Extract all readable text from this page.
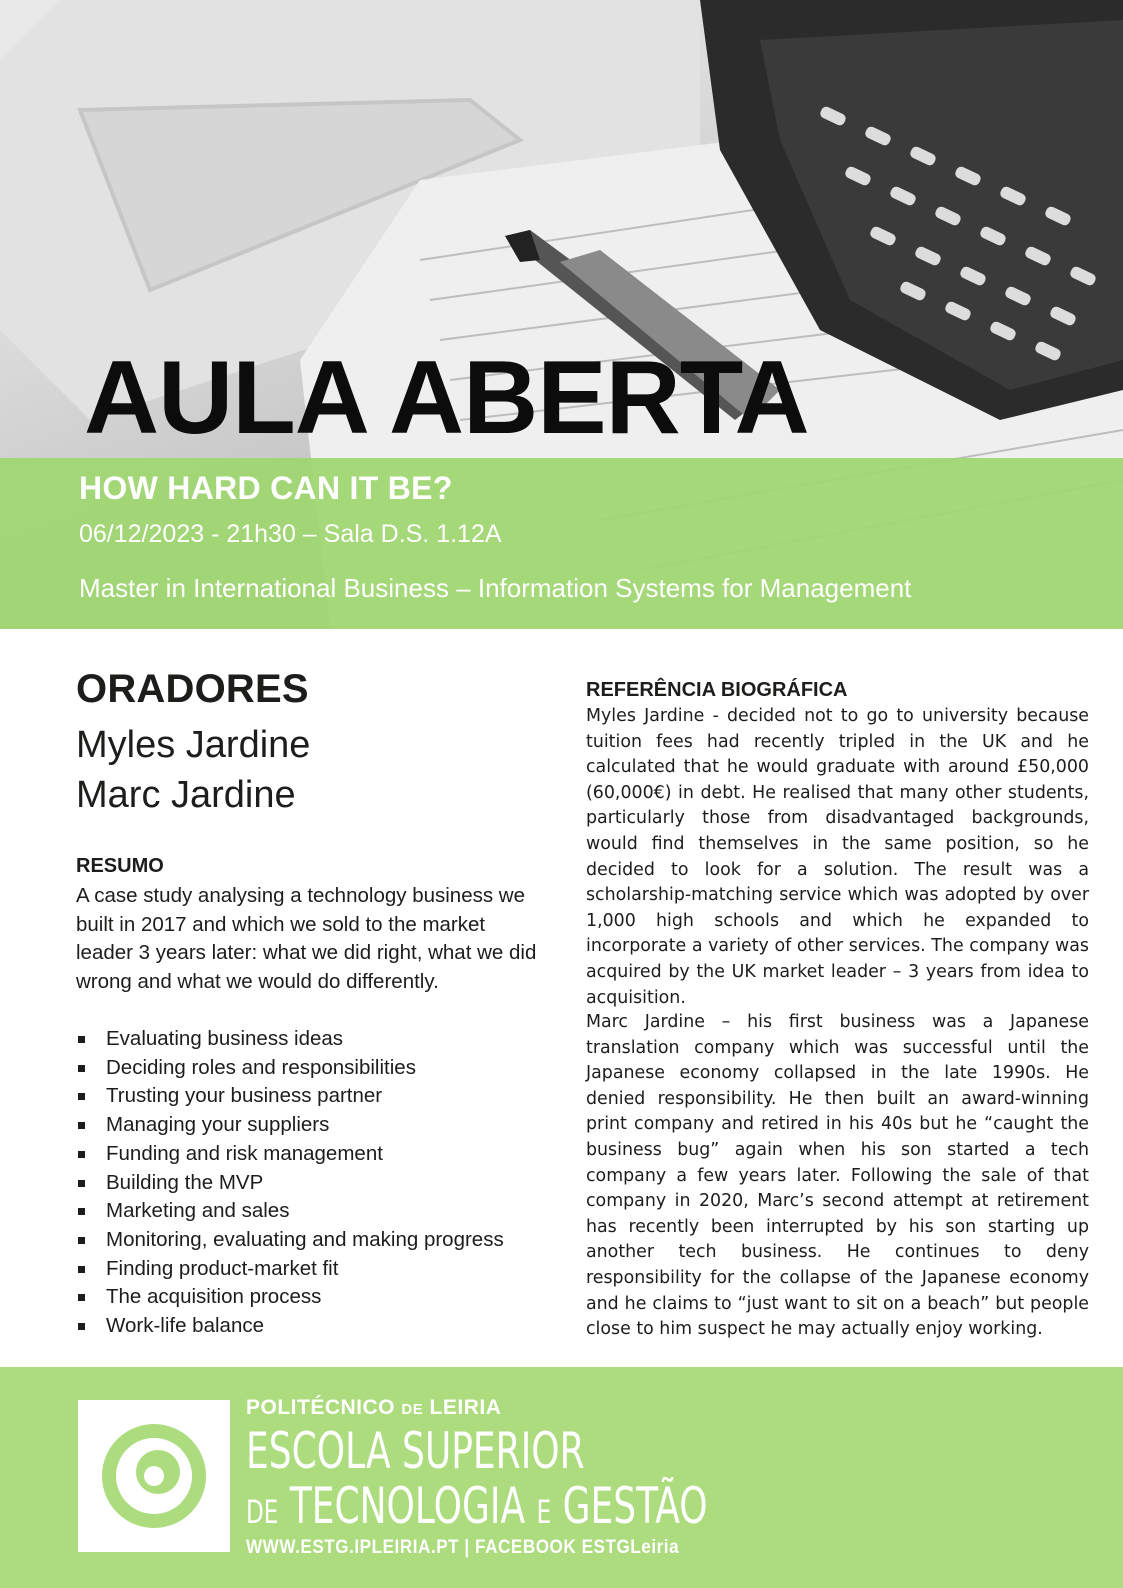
AULA ABERTA

HOW HARD CAN IT BE?

06/12/2023 - 21h30 – Sala D.S. 1.12A

Master in International Business – Information Systems for Management

ORADORES

Myles Jardine

Marc Jardine

RESUMO

A case study analysing a technology business we built in 2017 and which we sold to the market leader 3 years later: what we did right, what we did wrong and what we would do differently.

Evaluating business ideas
Deciding roles and responsibilities
Trusting your business partner
Managing your suppliers
Funding and risk management
Building the MVP
Marketing and sales
Monitoring, evaluating and making progress
Finding product-market fit
The acquisition process
Work-life balance
REFERÊNCIA BIOGRÁFICA

Myles Jardine - decided not to go to university because tuition fees had recently tripled in the UK and he calculated that he would graduate with around £50,000 (60,000€) in debt. He realised that many other students, particularly those from disadvantaged backgrounds, would find themselves in the same position, so he decided to look for a solution. The result was a scholarship-matching service which was adopted by over 1,000 high schools and which he expanded to incorporate a variety of other services. The company was acquired by the UK market leader – 3 years from idea to acquisition.

Marc Jardine – his first business was a Japanese translation company which was successful until the Japanese economy collapsed in the late 1990s. He denied responsibility. He then built an award-winning print company and retired in his 40s but he “caught the business bug” again when his son started a tech company a few years later. Following the sale of that company in 2020, Marc’s second attempt at retirement has recently been interrupted by his son starting up another tech business. He continues to deny responsibility for the collapse of the Japanese economy and he claims to “just want to sit on a beach” but people close to him suspect he may actually enjoy working.

POLITÉCNICO DE LEIRIA

ESCOLA SUPERIOR

DE TECNOLOGIA E GESTÃO

WWW.ESTG.IPLEIRIA.PT | FACEBOOK ESTGLeiria
